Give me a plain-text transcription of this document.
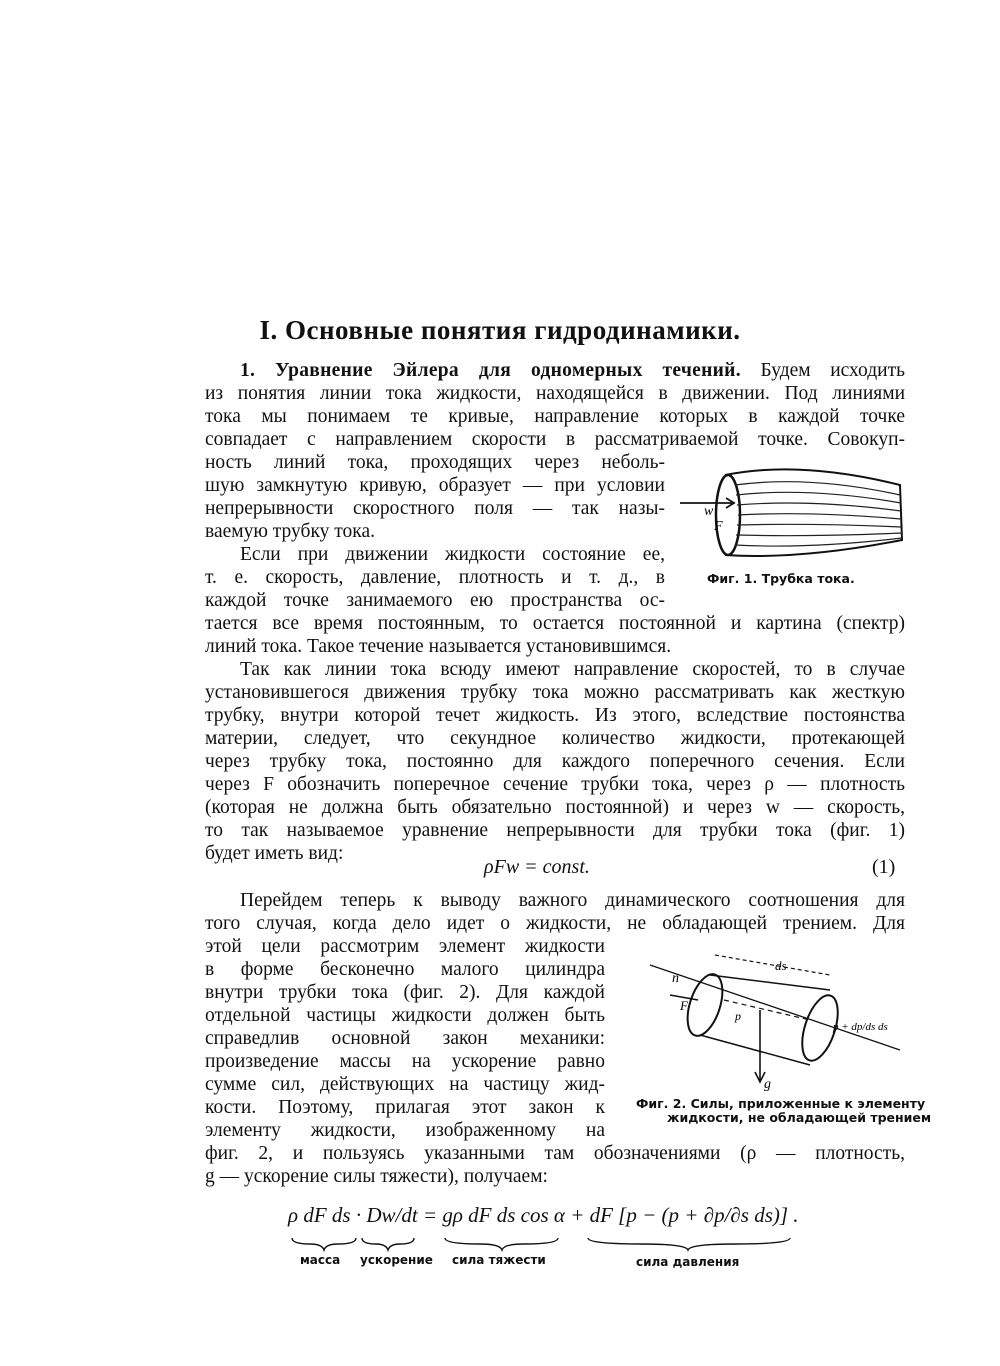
I. Основные понятия гидродинамики.
1. Уравнение Эйлера для одномерных течений. Будем исходить
из понятия линии тока жидкости, находящейся в движении. Под линиями
тока мы понимаем те кривые, направление которых в каждой точке
совпадает с направлением скорости в рассматриваемой точке. Совокуп-
ность линий тока, проходящих через неболь-
шую замкнутую кривую, образует — при условии
непрерывности скоростного поля — так назы-
ваемую трубку тока.
Если при движении жидкости состояние ее,
т. е. скорость, давление, плотность и т. д., в
каждой точке занимаемого ею пространства ос-
тается все время постоянным, то остается постоянной и картина (спектр)
линий тока. Такое течение называется установившимся.
w
F
Фиг. 1. Трубка тока.
Так как линии тока всюду имеют направление скоростей, то в случае
установившегося движения трубку тока можно рассматривать как жесткую
трубку, внутри которой течет жидкость. Из этого, вследствие постоянства
материи, следует, что секундное количество жидкости, протекающей
через трубку тока, постоянно для каждого поперечного сечения. Если
через F обозначить поперечное сечение трубки тока, через ρ — плотность
(которая не должна быть обязательно постоянной) и через w — скорость,
то так называемое уравнение непрерывности для трубки тока (фиг. 1)
будет иметь вид:
ρFw = const.	(1)
Перейдем теперь к выводу важного динамического соотношения для
того случая, когда дело идет о жидкости, не обладающей трением. Для
этой цели рассмотрим элемент жидкости
в форме бесконечно малого цилиндра
внутри трубки тока (фиг. 2). Для каждой
отдельной частицы жидкости должен быть
справедлив основной закон механики:
произведение массы на ускорение равно
сумме сил, действующих на частицу жид-
кости. Поэтому, прилагая этот закон к
элементу жидкости, изображенному на
фиг. 2, и пользуясь указанными там обозначениями (ρ — плотность,
g — ускорение силы тяжести), получаем:
n
ds
F
p
p + dp/ds ds
g
Фиг. 2. Силы, приложенные к элементу
жидкости, не обладающей трением
ρ dF ds · Dw/dt = gρ dF ds cos α + dF [p − (p + ∂p/∂s ds)] .
масса ускорение сила тяжести	сила давления
